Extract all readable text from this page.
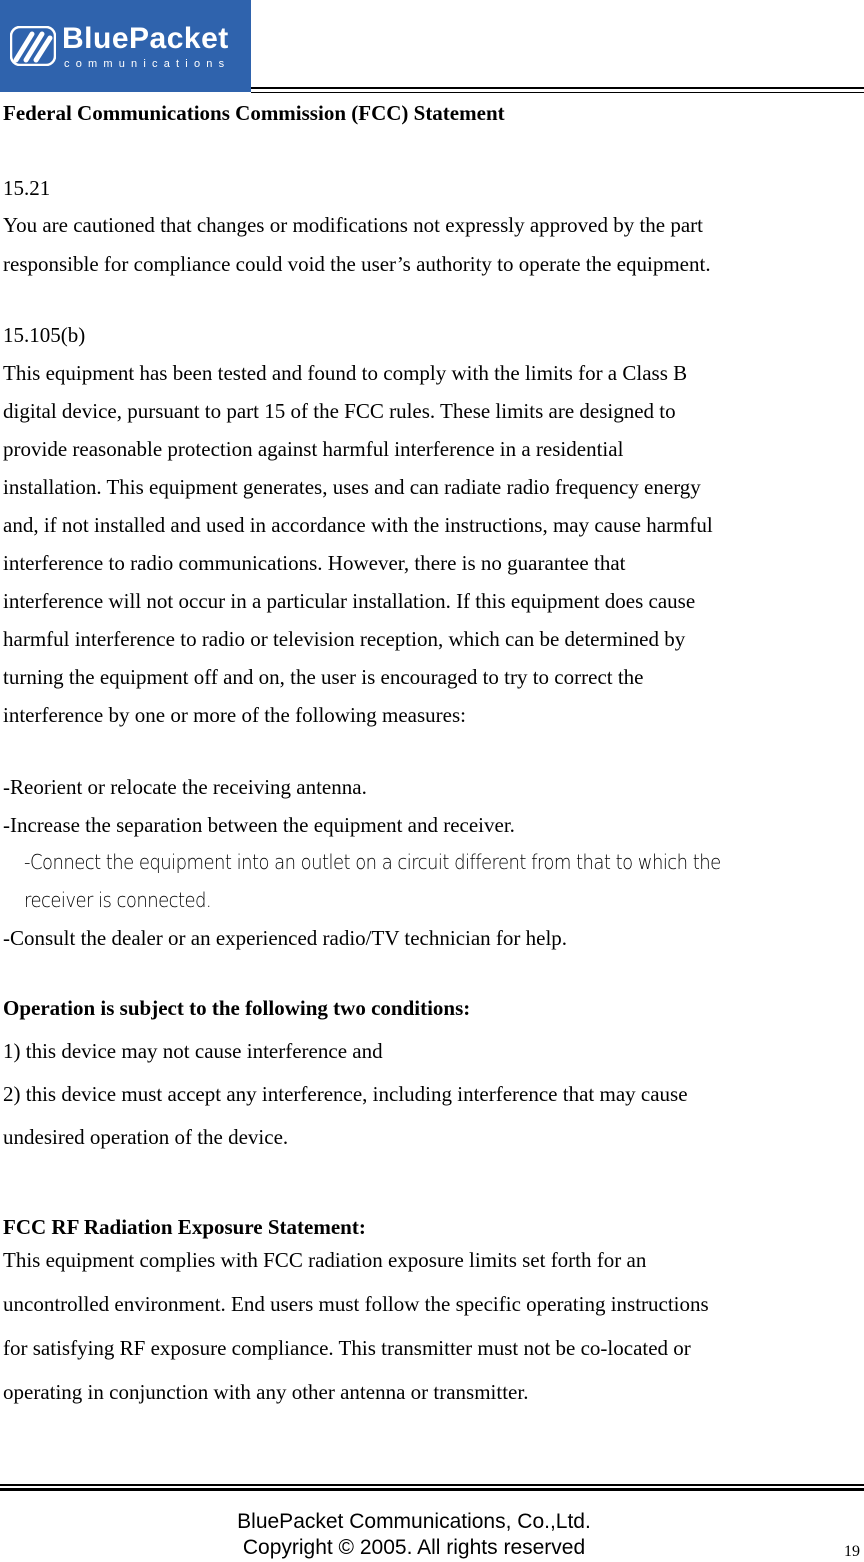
BluePacket
communications
Federal Communications Commission (FCC) Statement
15.21
You are cautioned that changes or modifications not expressly approved by the part
responsible for compliance could void the user’s authority to operate the equipment.
15.105(b)
This equipment has been tested and found to comply with the limits for a Class B
digital device, pursuant to part 15 of the FCC rules. These limits are designed to
provide reasonable protection against harmful interference in a residential
installation. This equipment generates, uses and can radiate radio frequency energy
and, if not installed and used in accordance with the instructions, may cause harmful
interference to radio communications. However, there is no guarantee that
interference will not occur in a particular installation. If this equipment does cause
harmful interference to radio or television reception, which can be determined by
turning the equipment off and on, the user is encouraged to try to correct the
interference by one or more of the following measures:
-Reorient or relocate the receiving antenna.
-Increase the separation between the equipment and receiver.
-Connect the equipment into an outlet on a circuit different from that to which the
receiver is connected.
-Consult the dealer or an experienced radio/TV technician for help.
Operation is subject to the following two conditions:
1) this device may not cause interference and
2) this device must accept any interference, including interference that may cause
undesired operation of the device.
FCC RF Radiation Exposure Statement:
This equipment complies with FCC radiation exposure limits set forth for an
uncontrolled environment. End users must follow the specific operating instructions
for satisfying RF exposure compliance. This transmitter must not be co-located or
operating in conjunction with any other antenna or transmitter.
BluePacket Communications, Co.,Ltd.
Copyright © 2005. All rights reserved	19
